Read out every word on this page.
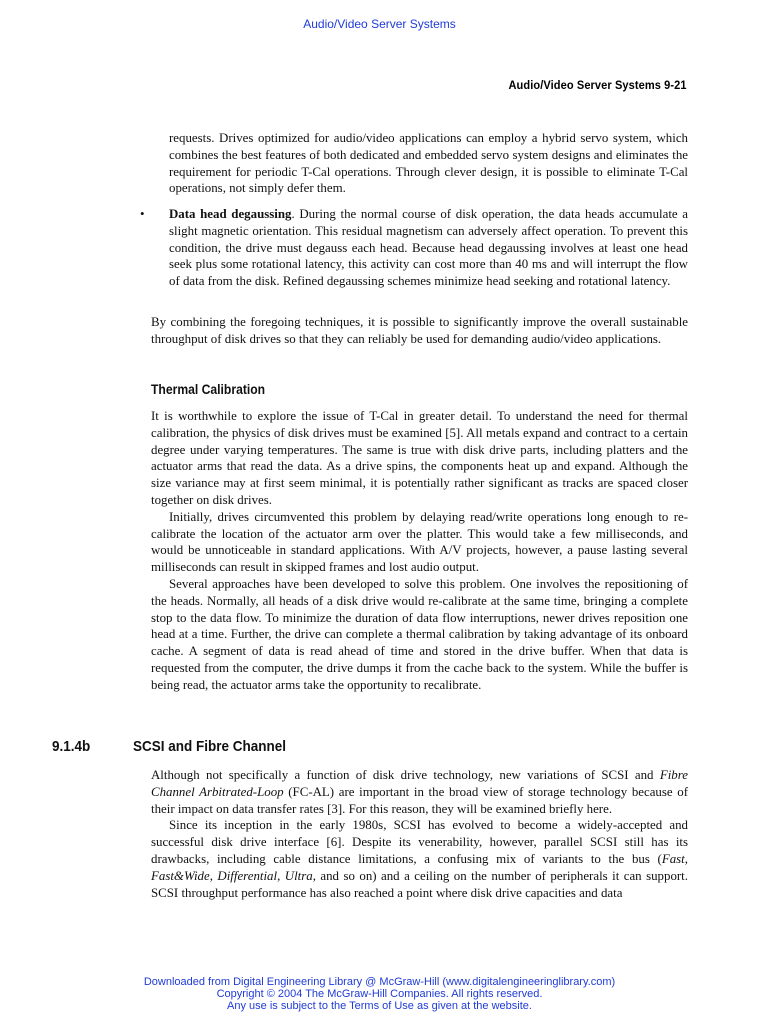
Audio/Video Server Systems
Audio/Video Server Systems 9-21

requests. Drives optimized for audio/video applications can employ a hybrid servo system, which combines the best features of both dedicated and embedded servo system designs and eliminates the requirement for periodic T-Cal operations. Through clever design, it is possible to eliminate T-Cal operations, not simply defer them.

•	Data head degaussing. During the normal course of disk operation, the data heads accumulate a slight magnetic orientation. This residual magnetism can adversely affect operation. To prevent this condition, the drive must degauss each head. Because head degaussing involves at least one head seek plus some rotational latency, this activity can cost more than 40 ms and will interrupt the flow of data from the disk. Refined degaussing schemes minimize head seeking and rotational latency.

By combining the foregoing techniques, it is possible to significantly improve the overall sustainable throughput of disk drives so that they can reliably be used for demanding audio/video applications.

Thermal Calibration

It is worthwhile to explore the issue of T-Cal in greater detail. To understand the need for thermal calibration, the physics of disk drives must be examined [5]. All metals expand and contract to a certain degree under varying temperatures. The same is true with disk drive parts, including platters and the actuator arms that read the data. As a drive spins, the components heat up and expand. Although the size variance may at first seem minimal, it is potentially rather significant as tracks are spaced closer together on disk drives.

Initially, drives circumvented this problem by delaying read/write operations long enough to re-calibrate the location of the actuator arm over the platter. This would take a few milliseconds, and would be unnoticeable in standard applications. With A/V projects, however, a pause lasting several milliseconds can result in skipped frames and lost audio output.

Several approaches have been developed to solve this problem. One involves the repositioning of the heads. Normally, all heads of a disk drive would re-calibrate at the same time, bringing a complete stop to the data flow. To minimize the duration of data flow interruptions, newer drives reposition one head at a time. Further, the drive can complete a thermal calibration by taking advantage of its onboard cache. A segment of data is read ahead of time and stored in the drive buffer. When that data is requested from the computer, the drive dumps it from the cache back to the system. While the buffer is being read, the actuator arms take the opportunity to recalibrate.

9.1.4b	SCSI and Fibre Channel

Although not specifically a function of disk drive technology, new variations of SCSI and Fibre Channel Arbitrated-Loop (FC-AL) are important in the broad view of storage technology because of their impact on data transfer rates [3]. For this reason, they will be examined briefly here.

Since its inception in the early 1980s, SCSI has evolved to become a widely-accepted and successful disk drive interface [6]. Despite its venerability, however, parallel SCSI still has its drawbacks, including cable distance limitations, a confusing mix of variants to the bus (Fast, Fast&Wide, Differential, Ultra, and so on) and a ceiling on the number of peripherals it can support. SCSI throughput performance has also reached a point where disk drive capacities and data

Downloaded from Digital Engineering Library @ McGraw-Hill (www.digitalengineeringlibrary.com)
Copyright © 2004 The McGraw-Hill Companies. All rights reserved.
Any use is subject to the Terms of Use as given at the website.
